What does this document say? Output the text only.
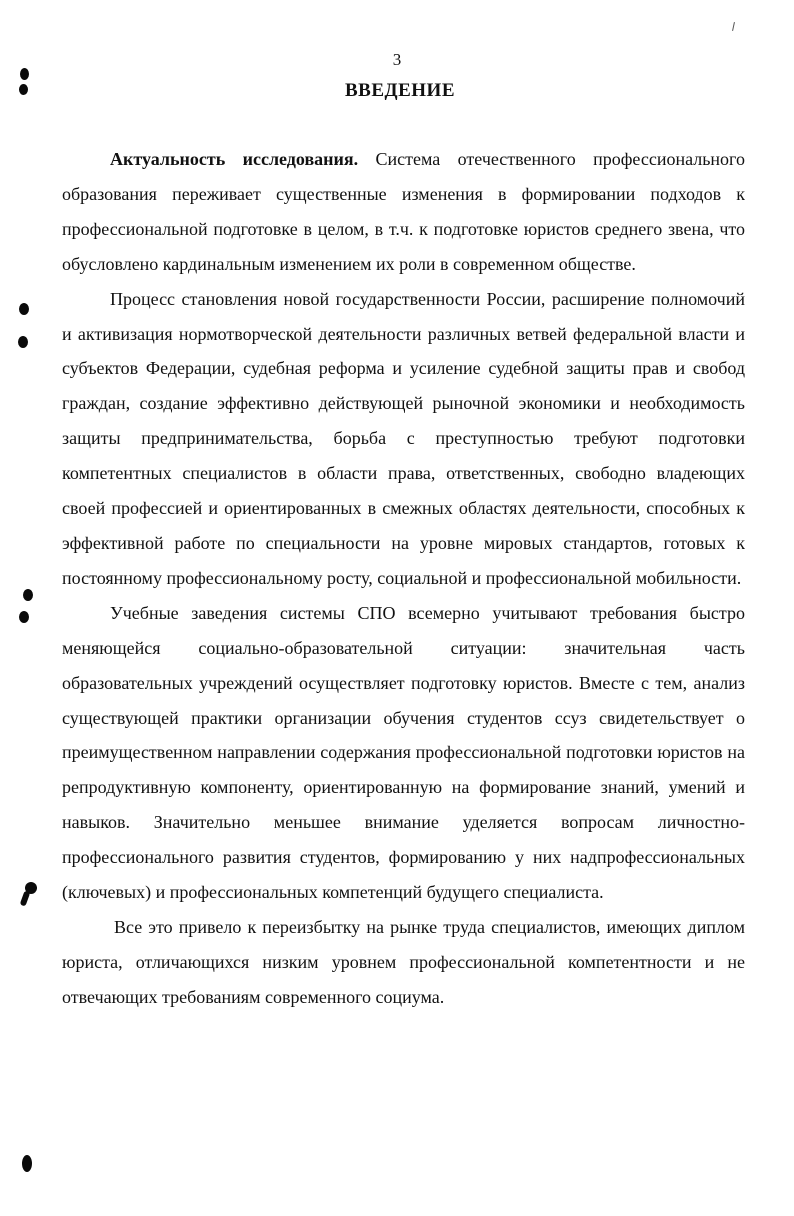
3
ВВЕДЕНИЕ

Актуальность исследования. Система отечественного профессионального образования переживает существенные изменения в формировании подходов к профессиональной подготовке в целом, в т.ч. к подготовке юристов среднего звена, что обусловлено кардинальным изменением их роли в современном обществе.

Процесс становления новой государственности России, расширение полномочий и активизация нормотворческой деятельности различных ветвей федеральной власти и субъектов Федерации, судебная реформа и усиление судебной защиты прав и свобод граждан, создание эффективно действующей рыночной экономики и необходимость защиты предпринимательства, борьба с преступностью требуют подготовки компетентных специалистов в области права, ответственных, свободно владеющих своей профессией и ориентированных в смежных областях деятельности, способных к эффективной работе по специальности на уровне мировых стандартов, готовых к постоянному профессиональному росту, социальной и профессиональной мобильности.

Учебные заведения системы СПО всемерно учитывают требования быстро меняющейся социально-образовательной ситуации: значительная часть образовательных учреждений осуществляет подготовку юристов. Вместе с тем, анализ существующей практики организации обучения студентов ссуз свидетельствует о преимущественном направлении содержания профессиональной подготовки юристов на репродуктивную компоненту, ориентированную на формирование знаний, умений и навыков. Значительно меньшее внимание уделяется вопросам личностно-профессионального развития студентов, формированию у них надпрофессиональных (ключевых) и профессиональных компетенций будущего специалиста.

Все это привело к переизбытку на рынке труда специалистов, имеющих диплом юриста, отличающихся низким уровнем профессиональной компетентности и не отвечающих требованиям современного социума.
